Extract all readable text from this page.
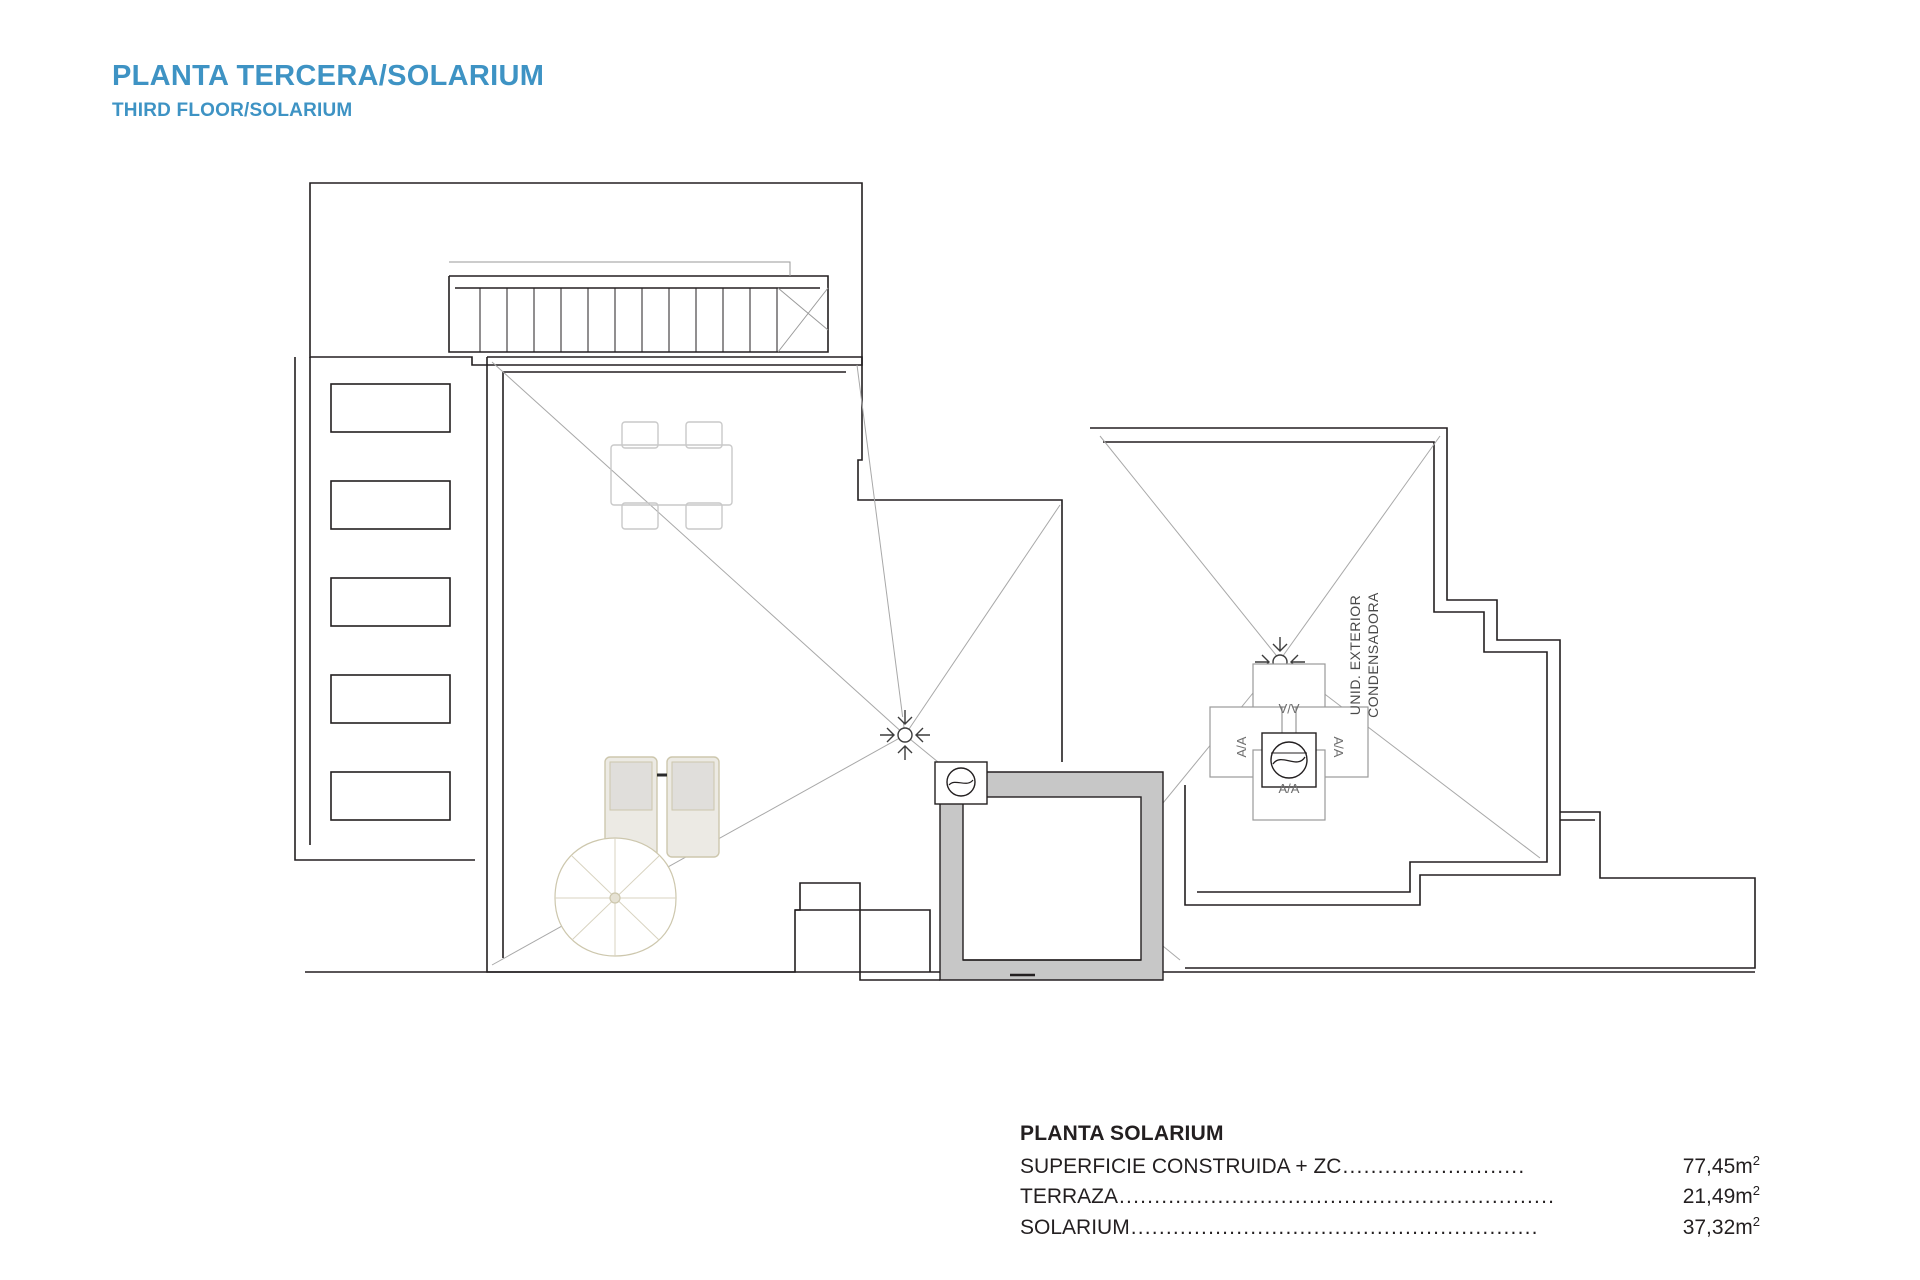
PLANTA TERCERA/SOLARIUM
THIRD FLOOR/SOLARIUM
A/A
A/A	A/A
A/A
UNID. EXTERIOR CONDENSADORA
PLANTA SOLARIUM
SUPERFICIE CONSTRUIDA + ZC ..........................	$77,45m^2$
TERRAZA ..............................................................	$21,49m^2$
SOLARIUM ..........................................................	$37,32m^2$
